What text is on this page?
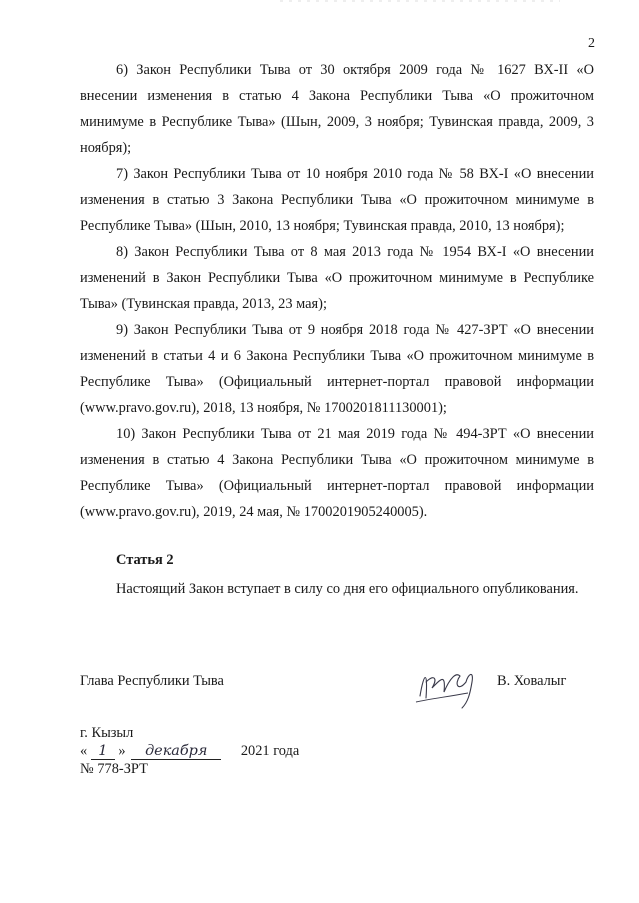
2

6) Закон Республики Тыва от 30 октября 2009 года № 1627 ВХ-II «О внесении изменения в статью 4 Закона Республики Тыва «О прожиточном минимуме в Республике Тыва» (Шын, 2009, 3 ноября; Тувинская правда, 2009, 3 ноября);

7) Закон Республики Тыва от 10 ноября 2010 года № 58 ВХ-I «О внесении изменения в статью 3 Закона Республики Тыва «О прожиточном минимуме в Республике Тыва» (Шын, 2010, 13 ноября; Тувинская правда, 2010, 13 ноября);

8) Закон Республики Тыва от 8 мая 2013 года № 1954 ВХ-I «О внесении изменений в Закон Республики Тыва «О прожиточном минимуме в Республике Тыва» (Тувинская правда, 2013, 23 мая);

9) Закон Республики Тыва от 9 ноября 2018 года № 427-ЗРТ «О внесении изменений в статьи 4 и 6 Закона Республики Тыва «О прожиточном минимуме в Республике Тыва» (Официальный интернет-портал правовой информации (www.pravo.gov.ru), 2018, 13 ноября, № 1700201811130001);

10) Закон Республики Тыва от 21 мая 2019 года № 494-ЗРТ «О внесении изменения в статью 4 Закона Республики Тыва «О прожиточном минимуме в Республике Тыва» (Официальный интернет-портал правовой информации (www.pravo.gov.ru), 2019, 24 мая, № 1700201905240005).

Статья 2
Настоящий Закон вступает в силу со дня его официального опубликования.
Глава Республики Тыва	В. Ховалыг
г. Кызыл
« 1 » декабря 2021 года
№ 778-ЗРТ
